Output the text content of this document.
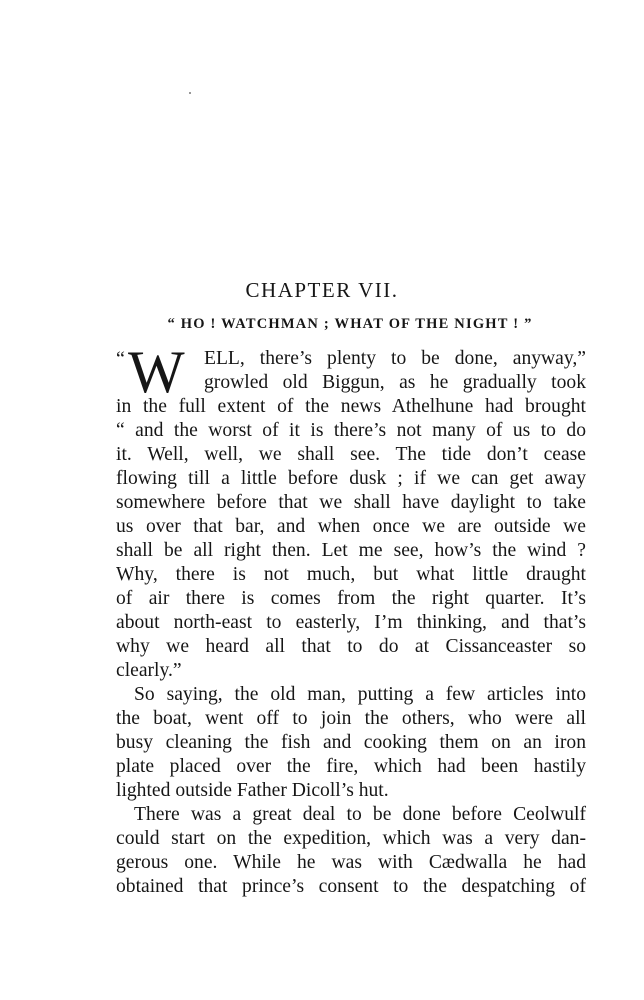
CHAPTER VII.
“ HO ! WATCHMAN ; WHAT OF THE NIGHT ! ”
“ W ELL, there’s plenty to be done, anyway,”
growled old Biggun, as he gradually took
in the full extent of the news Athelhune had brought
“ and the worst of it is there’s not many of us to do
it. Well, well, we shall see. The tide don’t cease
flowing till a little before dusk ; if we can get away
somewhere before that we shall have daylight to take
us over that bar, and when once we are outside we
shall be all right then. Let me see, how’s the wind ?
Why, there is not much, but what little draught
of air there is comes from the right quarter. It’s
about north-east to easterly, I’m thinking, and that’s
why we heard all that to do at Cissanceaster so
clearly.”
So saying, the old man, putting a few articles into
the boat, went off to join the others, who were all
busy cleaning the fish and cooking them on an iron
plate placed over the fire, which had been hastily
lighted outside Father Dicoll’s hut.
There was a great deal to be done before Ceolwulf
could start on the expedition, which was a very dan-
gerous one. While he was with Cædwalla he had
obtained that prince’s consent to the despatching of
